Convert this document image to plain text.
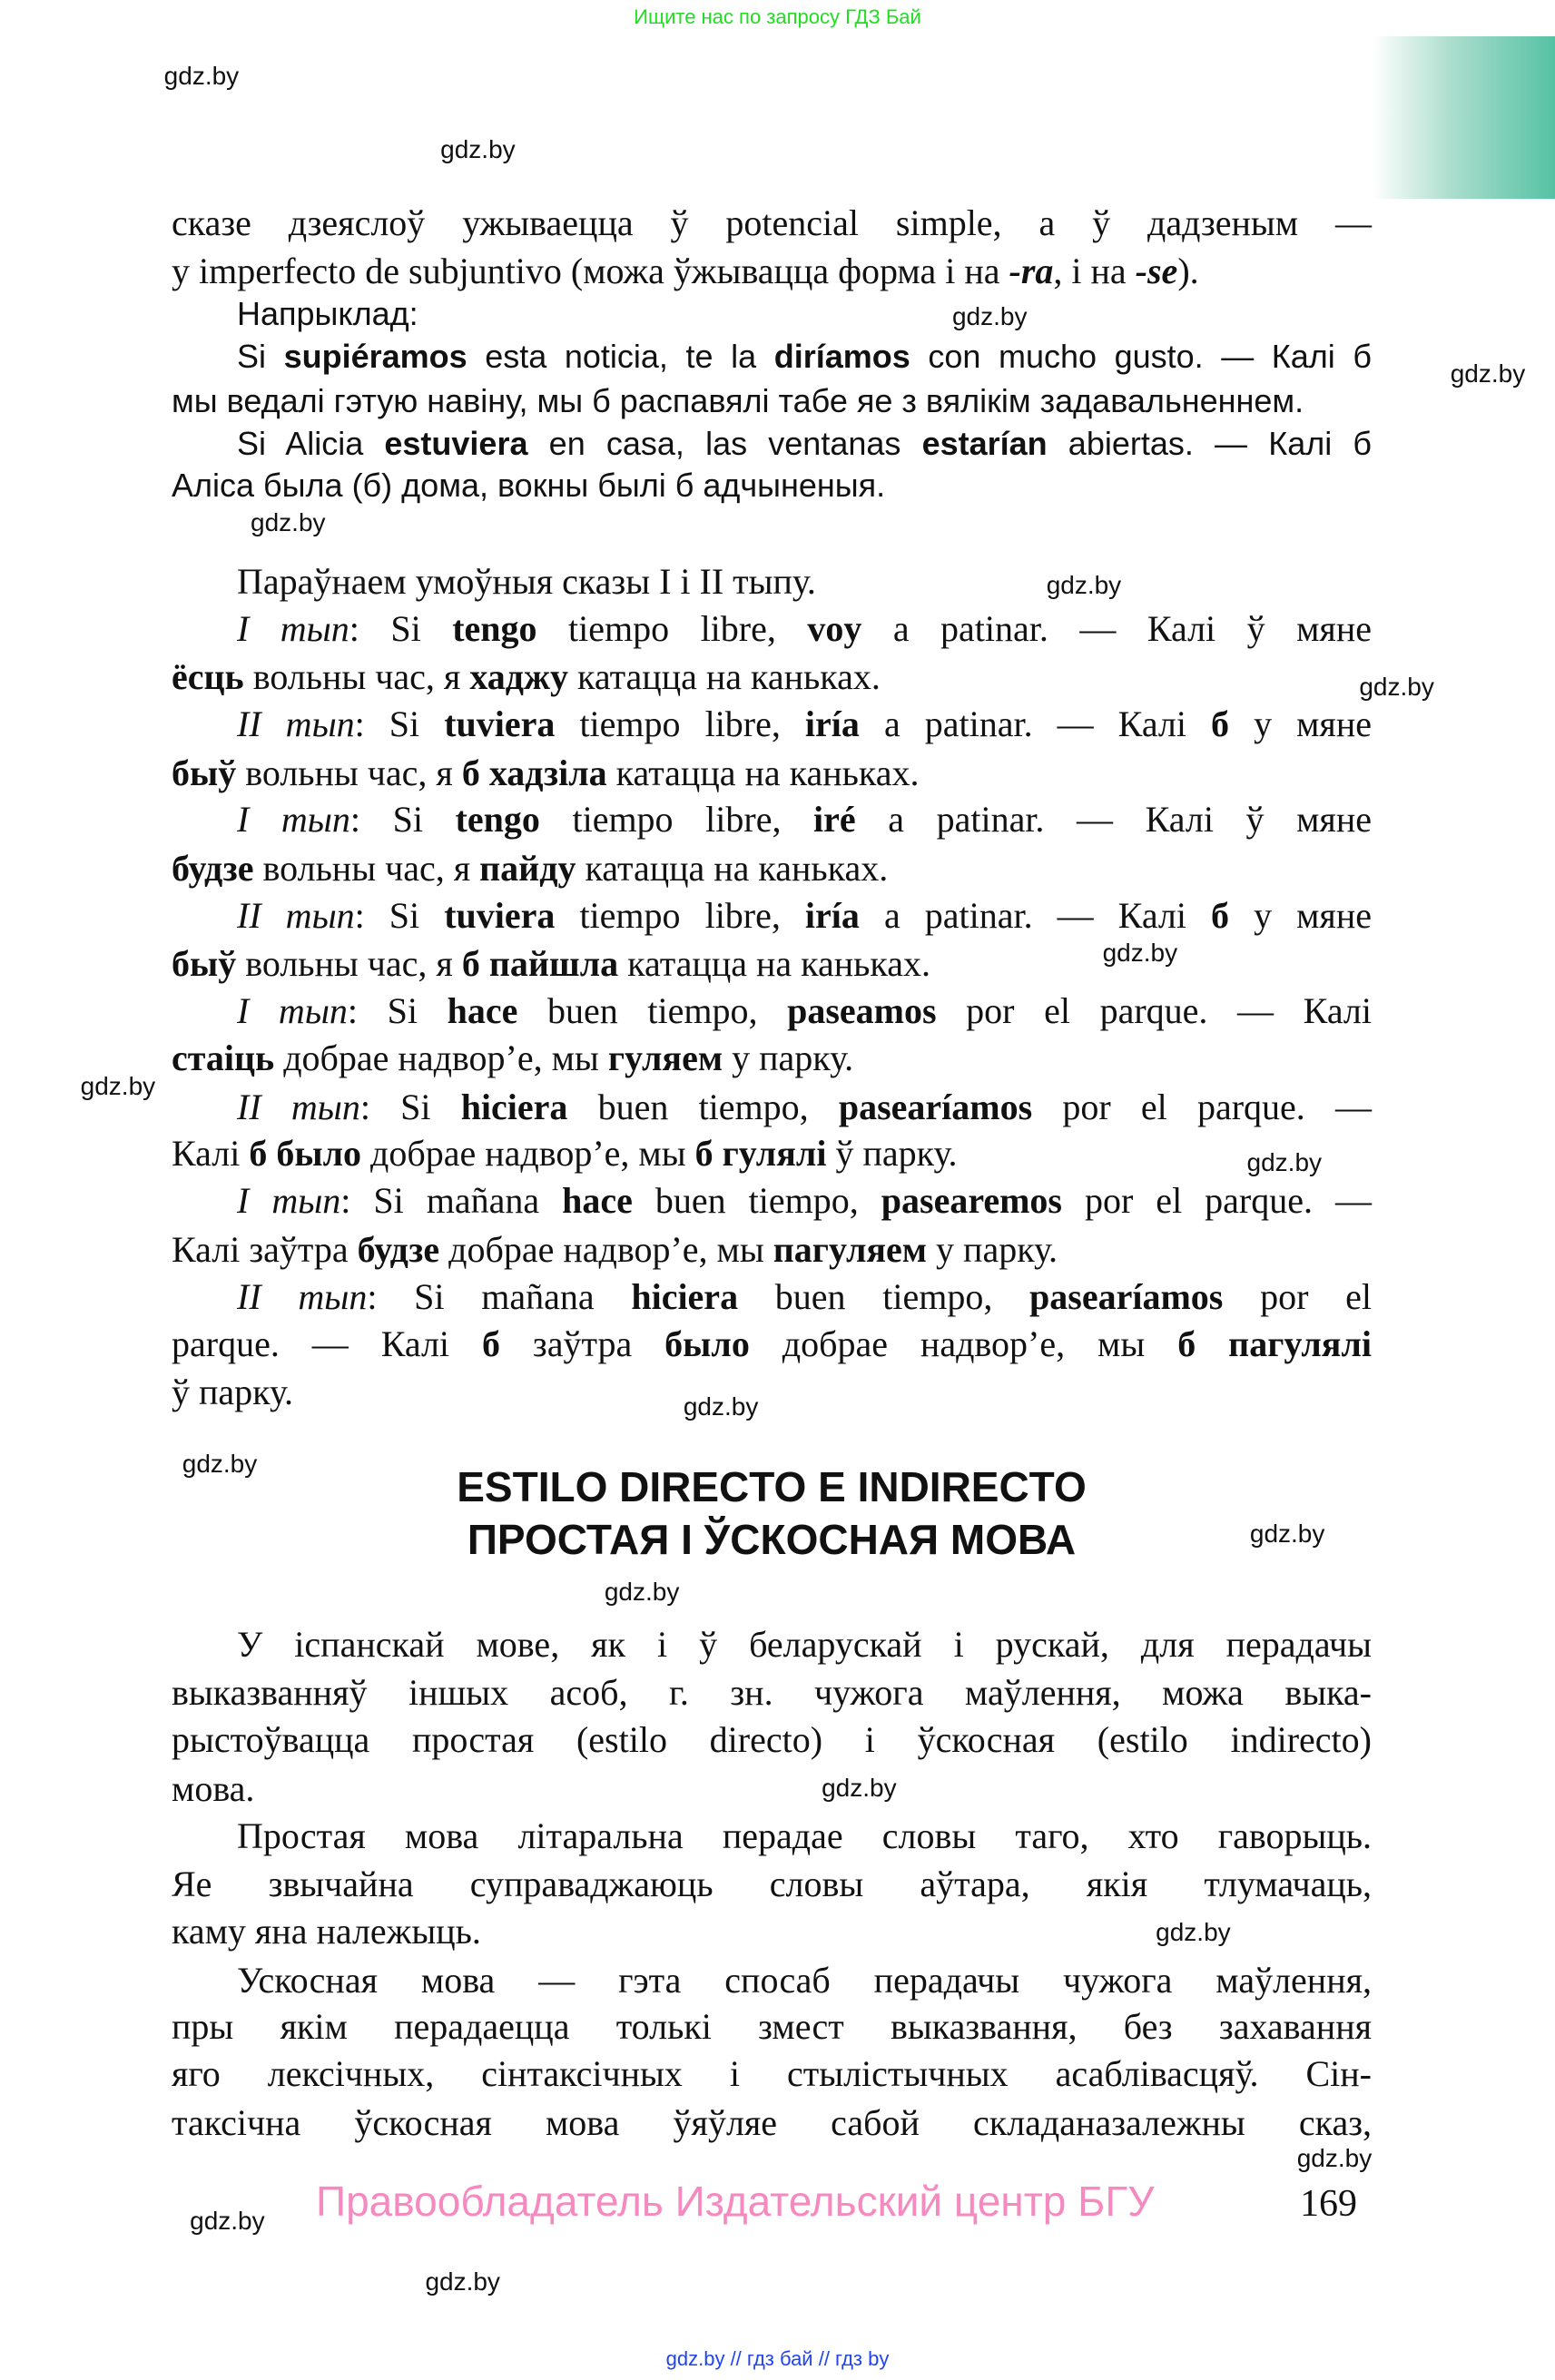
Ищите нас по запросу ГДЗ Бай
сказе дзеяслоў ужываецца ў potencial simple, а ў дадзеным —
у imperfecto de subjuntivo (можа ўжывацца форма і на -ra, і на -se).
Напрыклад:
Si supiéramos esta noticia, te la diríamos con mucho gusto. — Калі б
мы ведалі гэтую навіну, мы б распавялі табе яе з вялікім задавальненнем.
Si Alicia estuviera en casa, las ventanas estarían abiertas. — Калі б
Аліса была (б) дома, вокны былі б адчыненыя.
Параўнаем умоўныя сказы I і II тыпу.
I тып: Si tengo tiempo libre, voy a patinar. — Калі ў мяне
ёсць вольны час, я хаджу катацца на каньках.
II тып: Si tuviera tiempo libre, iría a patinar. — Калі б у мяне
быў вольны час, я б хадзіла катацца на каньках.
I тып: Si tengo tiempo libre, iré a patinar. — Калі ў мяне
будзе вольны час, я пайду катацца на каньках.
II тып: Si tuviera tiempo libre, iría a patinar. — Калі б у мяне
быў вольны час, я б пайшла катацца на каньках.
I тып: Si hace buen tiempo, paseamos por el parque. — Калі
стаіць добрае надвор’е, мы гуляем у парку.
II тып: Si hiciera buen tiempo, pasearíamos por el parque. —
Калі б было добрае надвор’е, мы б гулялі ў парку.
I тып: Si mañana hace buen tiempo, pasearemos por el parque. —
Калі заўтра будзе добрае надвор’е, мы пагуляем у парку.
II тып: Si mañana hiciera buen tiempo, pasearíamos por el
parque. — Калі б заўтра было добрае надвор’е, мы б пагулялі
ў парку.
У іспанскай мове, як і ў беларускай і рускай, для перадачы
выказванняў іншых асоб, г. зн. чужога маўлення, можа выка-
рыстоўвацца простая (estilo directo) і ўскосная (estilo indirecto)
мова.
Простая мова літаральна перадае словы таго, хто гаворыць.
Яе звычайна суправаджаюць словы аўтара, якія тлумачаць,
каму яна належыць.
Ускосная мова — гэта спосаб перадачы чужога маўлення,
пры якім перадаецца толькі змест выказвання, без захавання
яго лексічных, сінтаксічных і стылістычных асаблівасцяў. Сін-
таксічна ўскосная мова ўяўляе сабой складаназалежны сказ,
ESTILO DIRECTO E INDIRECTO
ПРОСТАЯ І ЎСКОСНАЯ МОВА
gdz.by
gdz.by
gdz.by
gdz.by
gdz.by
gdz.by
gdz.by
gdz.by
gdz.by
gdz.by
gdz.by
gdz.by
gdz.by
gdz.by
gdz.by
gdz.by
gdz.by
gdz.by
gdz.by
Правообладатель Издательский центр БГУ	169
gdz.by // гдз бай // гдз by
